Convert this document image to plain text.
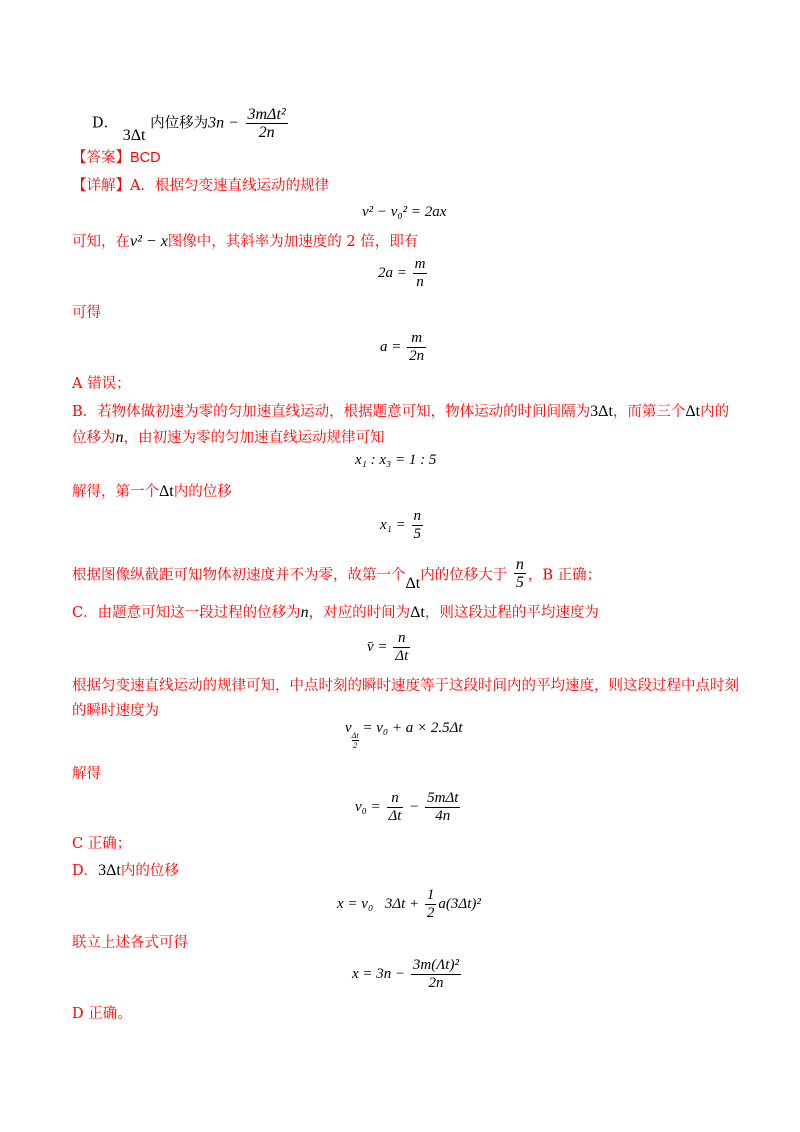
D． 3Δt 内位移为$3n - \frac{\text{3mΔt²}}{2n}$
【答案】BCD
【详解】A．根据匀变速直线运动的规律
v² − v₀² = 2ax
可知，在v² − x图像中，其斜率为加速度的 2 倍，即有
$2a = \frac{m}{n}$
可得
$a = \frac{m}{2n}$
A 错误；
B．若物体做初速为零的匀加速直线运动，根据题意可知，物体运动的时间间隔为3Δt，而第三个Δt内的
位移为n，由初速为零的匀加速直线运动规律可知
x₁ : x₃ = 1 : 5
解得，第一个Δt内的位移
$x_1 = \frac{n}{5}$
根据图像纵截距可知物体初速度并不为零，故第一个Δt内的位移大于 $\frac{n}{5}$ ，B 正确；
C．由题意可知这一段过程的位移为n，对应的时间为Δt，则这段过程的平均速度为
v̄ = $\frac{n}{\Delta t}$
根据匀变速直线运动的规律可知，中点时刻的瞬时速度等于这段时间内的平均速度，则这段过程中点时刻
的瞬时速度为
v
$\frac{\Delta t}{2}$
= v₀ + a × 2.5Δt
解得
$v_0 = \frac{n}{\Delta t} - \frac{\text{5mΔt}}{4n}$
C 正确；
D．3Δt内的位移
x = v₀⃞3Δt + $\frac{1}{2} a(3\Delta t)^2$
联立上述各式可得
$x = 3n - \frac{\text{3m(Λt)²}}{2n}$
D 正确。
